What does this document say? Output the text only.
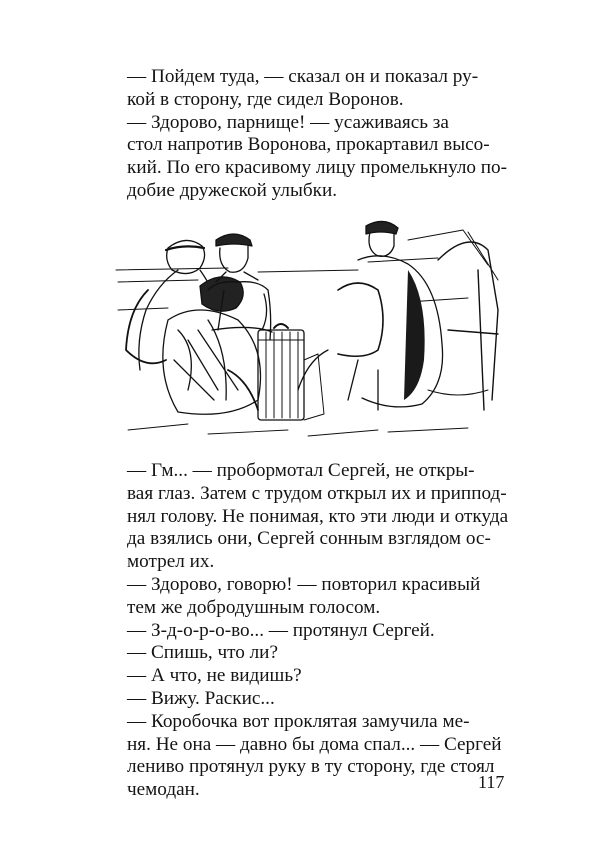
— Пойдем туда, — сказал он и показал ру-
кой в сторону, где сидел Воронов.

— Здорово, парнище! — усаживаясь за
стол напротив Воронова, прокартавил высо-
кий. По его красивому лицу промелькнуло по-
добие дружеской улыбки.

— Гм... — пробормотал Сергей, не откры-
вая глаз. Затем с трудом открыл их и приппод-
нял голову. Не понимая, кто эти люди и откуда
да взялись они, Сергей сонным взглядом ос-
мотрел их.

— Здорово, говорю! — повторил красивый
тем же добродушным голосом.

— З-д-о-р-о-во... — протянул Сергей.

— Спишь, что ли?

— А что, не видишь?

— Вижу. Раскис...

— Коробочка вот проклятая замучила ме-
ня. Не она — давно бы дома спал... — Сергей
лениво протянул руку в ту сторону, где стоял
чемодан.	117
